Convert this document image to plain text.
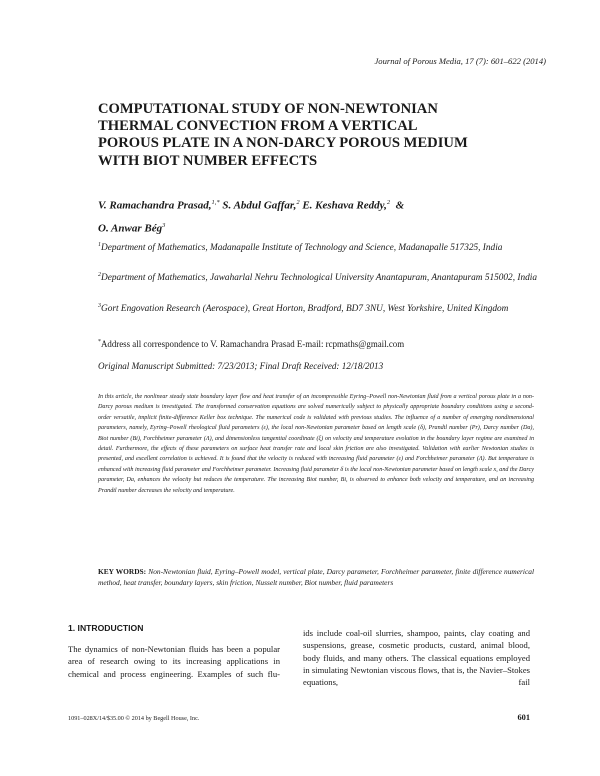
Journal of Porous Media, 17 (7): 601–622 (2014)
COMPUTATIONAL STUDY OF NON-NEWTONIAN
THERMAL CONVECTION FROM A VERTICAL
POROUS PLATE IN A NON-DARCY POROUS MEDIUM
WITH BIOT NUMBER EFFECTS
V. Ramachandra Prasad,$^{1,*}$ S. Abdul Gaffar,$^2$ E. Keshava Reddy,$^2$ &
O. Anwar Bég$^3$
$^1$Department of Mathematics, Madanapalle Institute of Technology and Science, Madanapalle 517325, India
$^2$Department of Mathematics, Jawaharlal Nehru Technological University Anantapuram, Anantapuram 515002, India
$^3$Gort Engovation Research (Aerospace), Great Horton, Bradford, BD7 3NU, West Yorkshire, United Kingdom
*Address all correspondence to V. Ramachandra Prasad E-mail: rcpmaths@gmail.com
Original Manuscript Submitted: 7/23/2013; Final Draft Received: 12/18/2013

In this article, the nonlinear steady state boundary layer flow and heat transfer of an incompressible Eyring–Powell non-Newtonian fluid from a vertical porous plate in a non-Darcy porous medium is investigated. The transformed conservation equations are solved numerically subject to physically appropriate boundary conditions using a second-order versatile, implicit finite-difference Keller box technique. The numerical code is validated with previous studies. The influence of a number of emerging nondimensional parameters, namely, Eyring–Powell rheological fluid parameters (ε), the local non-Newtonian parameter based on length scale (δ), Prandtl number (Pr), Darcy number (Da), Biot number (Bi), Forchheimer parameter (Λ), and dimensionless tangential coordinate (ξ) on velocity and temperature evolution in the boundary layer regime are examined in detail. Furthermore, the effects of these parameters on surface heat transfer rate and local skin friction are also investigated. Validation with earlier Newtonian studies is presented, and excellent correlation is achieved. It is found that the velocity is reduced with increasing fluid parameter (ε) and Forchheimer parameter (Λ). But temperature is enhanced with increasing fluid parameter and Forchheimer parameter. Increasing fluid parameter δ is the local non-Newtonian parameter based on length scale x, and the Darcy parameter, Da, enhances the velocity but reduces the temperature. The increasing Biot number, Bi, is observed to enhance both velocity and temperature, and an increasing Prandtl number decreases the velocity and temperature.

KEY WORDS: Non-Newtonian fluid, Eyring–Powell model, vertical plate, Darcy parameter, Forchheimer parameter, finite difference numerical method, heat transfer, boundary layers, skin friction, Nusselt number, Biot number, fluid parameters

1. INTRODUCTION

The dynamics of non-Newtonian fluids has been a popular area of research owing to its increasing applications in chemical and process engineering. Examples of such flu-

ids include coal-oil slurries, shampoo, paints, clay coating and suspensions, grease, cosmetic products, custard, animal blood, body fluids, and many others. The classical equations employed in simulating Newtonian viscous flows, that is, the Navier–Stokes equations, fail

1091–028X/14/$35.00 © 2014 by Begell House, Inc.	601
